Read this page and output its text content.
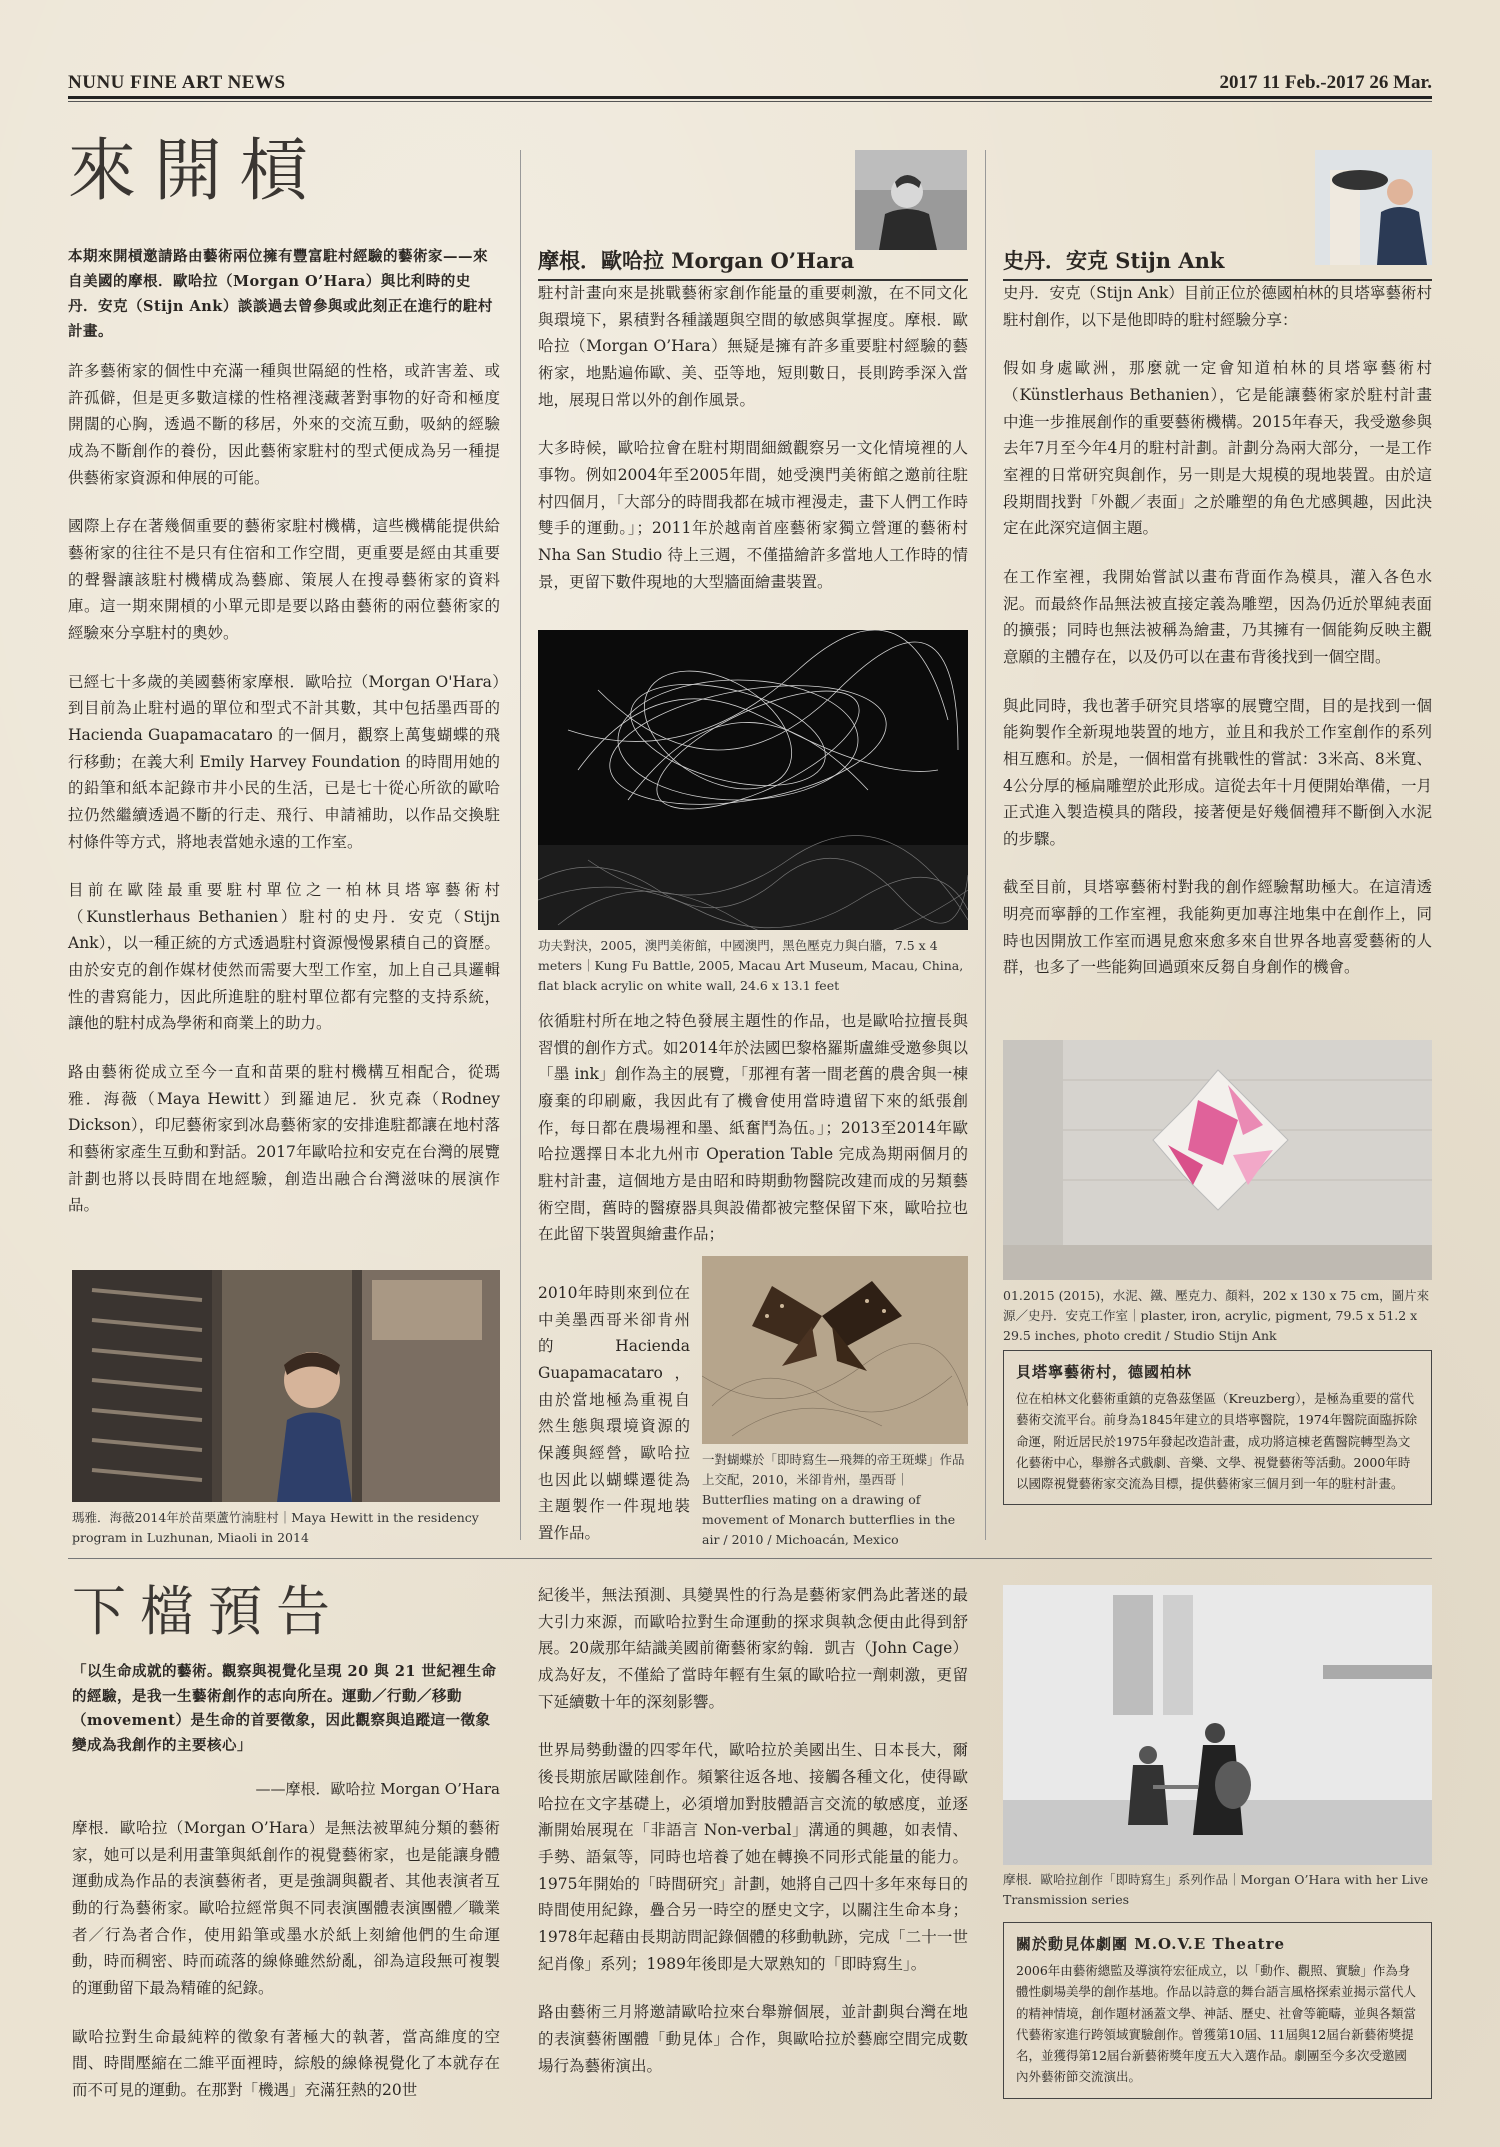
NUNU FINE ART NEWS	2017 11 Feb.-2017 26 Mar.
來開槓
本期來開槓邀請路由藝術兩位擁有豐富駐村經驗的藝術家——來自美國的摩根．歐哈拉（Morgan O’Hara）與比利時的史丹．安克（Stijn Ank）談談過去曾參與或此刻正在進行的駐村計畫。

許多藝術家的個性中充滿一種與世隔絕的性格，或許害羞、或許孤僻，但是更多數這樣的性格裡淺藏著對事物的好奇和極度開闊的心胸，透過不斷的移居，外來的交流互動，吸納的經驗成為不斷創作的養份，因此藝術家駐村的型式便成為另一種提供藝術家資源和伸展的可能。

國際上存在著幾個重要的藝術家駐村機構，這些機構能提供給藝術家的往往不是只有住宿和工作空間，更重要是經由其重要的聲譽讓該駐村機構成為藝廊、策展人在搜尋藝術家的資料庫。這一期來開槓的小單元即是要以路由藝術的兩位藝術家的經驗來分享駐村的奧妙。

已經七十多歲的美國藝術家摩根．歐哈拉（Morgan O'Hara）到目前為止駐村過的單位和型式不計其數，其中包括墨西哥的 Hacienda Guapamacataro 的一個月，觀察上萬隻蝴蝶的飛行移動；在義大利 Emily Harvey Foundation 的時間用她的的鉛筆和紙本記錄市井小民的生活，已是七十從心所欲的歐哈拉仍然繼續透過不斷的行走、飛行、申請補助，以作品交換駐村條件等方式，將地表當她永遠的工作室。

目前在歐陸最重要駐村單位之一柏林貝塔寧藝術村（Kunstlerhaus Bethanien）駐村的史丹．安克（Stijn Ank），以一種正統的方式透過駐村資源慢慢累積自己的資歷。由於安克的創作媒材使然而需要大型工作室，加上自己具邏輯性的書寫能力，因此所進駐的駐村單位都有完整的支持系統，讓他的駐村成為學術和商業上的助力。

路由藝術從成立至今一直和苗栗的駐村機構互相配合，從瑪雅．海薇（Maya Hewitt）到羅迪尼．狄克森（Rodney Dickson），印尼藝術家到冰島藝術家的安排進駐都讓在地村落和藝術家產生互動和對話。2017年歐哈拉和安克在台灣的展覽計劃也將以長時間在地經驗，創造出融合台灣滋味的展演作品。

瑪雅．海薇2014年於苗栗蘆竹湳駐村｜Maya Hewitt in the residency program in Luzhunan, Miaoli in 2014
摩根．歐哈拉 Morgan O’Hara

駐村計畫向來是挑戰藝術家創作能量的重要刺激，在不同文化與環境下，累積對各種議題與空間的敏感與掌握度。摩根．歐哈拉（Morgan O’Hara）無疑是擁有許多重要駐村經驗的藝術家，地點遍佈歐、美、亞等地，短則數日，長則跨季深入當地，展現日常以外的創作風景。

大多時候，歐哈拉會在駐村期間細緻觀察另一文化情境裡的人事物。例如2004年至2005年間，她受澳門美術館之邀前往駐村四個月，「大部分的時間我都在城市裡漫走，畫下人們工作時雙手的運動。」；2011年於越南首座藝術家獨立營運的藝術村 Nha San Studio 待上三週，不僅描繪許多當地人工作時的情景，更留下數件現地的大型牆面繪畫裝置。

功夫對決，2005，澳門美術館，中國澳門，黑色壓克力與白牆，7.5 x 4 meters｜Kung Fu Battle, 2005, Macau Art Museum, Macau, China, flat black acrylic on white wall, 24.6 x 13.1 feet
依循駐村所在地之特色發展主題性的作品，也是歐哈拉擅長與習慣的創作方式。如2014年於法國巴黎格羅斯盧維受邀參與以「墨 ink」創作為主的展覽，「那裡有著一間老舊的農舍與一棟廢棄的印刷廠，我因此有了機會使用當時遺留下來的紙張創作，每日都在農場裡和墨、紙奮鬥為伍。」；2013至2014年歐哈拉選擇日本北九州市 Operation Table 完成為期兩個月的駐村計畫，這個地方是由昭和時期動物醫院改建而成的另類藝術空間，舊時的醫療器具與設備都被完整保留下來，歐哈拉也在此留下裝置與繪畫作品；
2010年時則來到位在中美墨西哥米卻肯州的Hacienda Guapamacataro，由於當地極為重視自然生態與環境資源的保護與經營，歐哈拉也因此以蝴蝶遷徙為主題製作一件現地裝置作品。
一對蝴蝶於「即時寫生—飛舞的帝王斑蝶」作品上交配，2010，米卻肯州，墨西哥｜Butterflies mating on a drawing of movement of Monarch butterflies in the air / 2010 / Michoacán, Mexico
史丹．安克 Stijn Ank

史丹．安克（Stijn Ank）目前正位於德國柏林的貝塔寧藝術村駐村創作，以下是他即時的駐村經驗分享：

假如身處歐洲，那麼就一定會知道柏林的貝塔寧藝術村（Künstlerhaus Bethanien），它是能讓藝術家於駐村計畫中進一步推展創作的重要藝術機構。2015年春天，我受邀參與去年7月至今年4月的駐村計劃。計劃分為兩大部分，一是工作室裡的日常研究與創作，另一則是大規模的現地裝置。由於這段期間找對「外觀／表面」之於雕塑的角色尤感興趣，因此決定在此深究這個主題。

在工作室裡，我開始嘗試以畫布背面作為模具，灌入各色水泥。而最終作品無法被直接定義為雕塑，因為仍近於單純表面的擴張；同時也無法被稱為繪畫，乃其擁有一個能夠反映主觀意願的主體存在，以及仍可以在畫布背後找到一個空間。

與此同時，我也著手研究貝塔寧的展覽空間，目的是找到一個能夠製作全新現地裝置的地方，並且和我於工作室創作的系列相互應和。於是，一個相當有挑戰性的嘗試：3米高、8米寬、4公分厚的極扁雕塑於此形成。這從去年十月便開始準備，一月正式進入製造模具的階段，接著便是好幾個禮拜不斷倒入水泥的步驟。

截至目前，貝塔寧藝術村對我的創作經驗幫助極大。在這清透明亮而寧靜的工作室裡，我能夠更加專注地集中在創作上，同時也因開放工作室而遇見愈來愈多來自世界各地喜愛藝術的人群，也多了一些能夠回過頭來反芻自身創作的機會。

01.2015 (2015)，水泥、鐵、壓克力、顏料，202 x 130 x 75 cm，圖片來源／史丹．安克工作室｜plaster, iron, acrylic, pigment, 79.5 x 51.2 x 29.5 inches, photo credit / Studio Stijn Ank
貝塔寧藝術村，德國柏林
位在柏林文化藝術重鎮的克魯茲堡區（Kreuzberg），是極為重要的當代藝術交流平台。前身為1845年建立的貝塔寧醫院，1974年醫院面臨拆除命運，附近居民於1975年發起改造計畫，成功將這棟老舊醫院轉型為文化藝術中心，舉辦各式戲劇、音樂、文學、視覺藝術等活動。2000年時以國際視覺藝術家交流為目標，提供藝術家三個月到一年的駐村計畫。
下檔預告
「以生命成就的藝術。觀察與視覺化呈現 20 與 21 世紀裡生命的經驗，是我一生藝術創作的志向所在。運動／行動／移動（movement）是生命的首要徵象，因此觀察與追蹤這一徵象變成為我創作的主要核心」
——摩根．歐哈拉 Morgan O’Hara

摩根．歐哈拉（Morgan O’Hara）是無法被單純分類的藝術家，她可以是利用畫筆與紙創作的視覺藝術家，也是能讓身體運動成為作品的表演藝術者，更是強調與觀者、其他表演者互動的行為藝術家。歐哈拉經常與不同表演團體表演團體／職業者／行為者合作，使用鉛筆或墨水於紙上刻繪他們的生命運動，時而稠密、時而疏落的線條雖然紛亂，卻為這段無可複製的運動留下最為精確的紀錄。

歐哈拉對生命最純粹的徵象有著極大的執著，當高維度的空間、時間壓縮在二維平面裡時，綜般的線條視覺化了本就存在而不可見的運動。在那對「機遇」充滿狂熱的20世

紀後半，無法預測、具變異性的行為是藝術家們為此著迷的最大引力來源，而歐哈拉對生命運動的探求與執念便由此得到舒展。20歲那年結識美國前衛藝術家約翰．凱吉（John Cage）成為好友，不僅給了當時年輕有生氣的歐哈拉一劑刺激，更留下延續數十年的深刻影響。

世界局勢動盪的四零年代，歐哈拉於美國出生、日本長大，爾後長期旅居歐陸創作。頻繁往返各地、接觸各種文化，使得歐哈拉在文字基礎上，必須增加對肢體語言交流的敏感度，並逐漸開始展現在「非語言 Non-verbal」溝通的興趣，如表情、手勢、語氣等，同時也培養了她在轉換不同形式能量的能力。1975年開始的「時間研究」計劃，她將自己四十多年來每日的時間使用紀錄，疊合另一時空的歷史文字，以關注生命本身；1978年起藉由長期訪問記錄個體的移動軌跡，完成「二十一世紀肖像」系列；1989年後即是大眾熟知的「即時寫生」。

路由藝術三月將邀請歐哈拉來台舉辦個展，並計劃與台灣在地的表演藝術團體「動見体」合作，與歐哈拉於藝廊空間完成數場行為藝術演出。

摩根．歐哈拉創作「即時寫生」系列作品｜Morgan O’Hara with her Live Transmission series
關於動見体劇團 M.O.V.E Theatre
2006年由藝術總監及導演符宏征成立，以「動作、觀照、實驗」作為身體性劇場美學的創作基地。作品以詩意的舞台語言風格探索並揭示當代人的精神情境，創作題材涵蓋文學、神話、歷史、社會等範疇，並與各類當代藝術家進行跨領域實驗創作。曾獲第10屆、11屆與12屆台新藝術獎提名，並獲得第12屆台新藝術獎年度五大入選作品。劇團至今多次受邀國內外藝術節交流演出。
